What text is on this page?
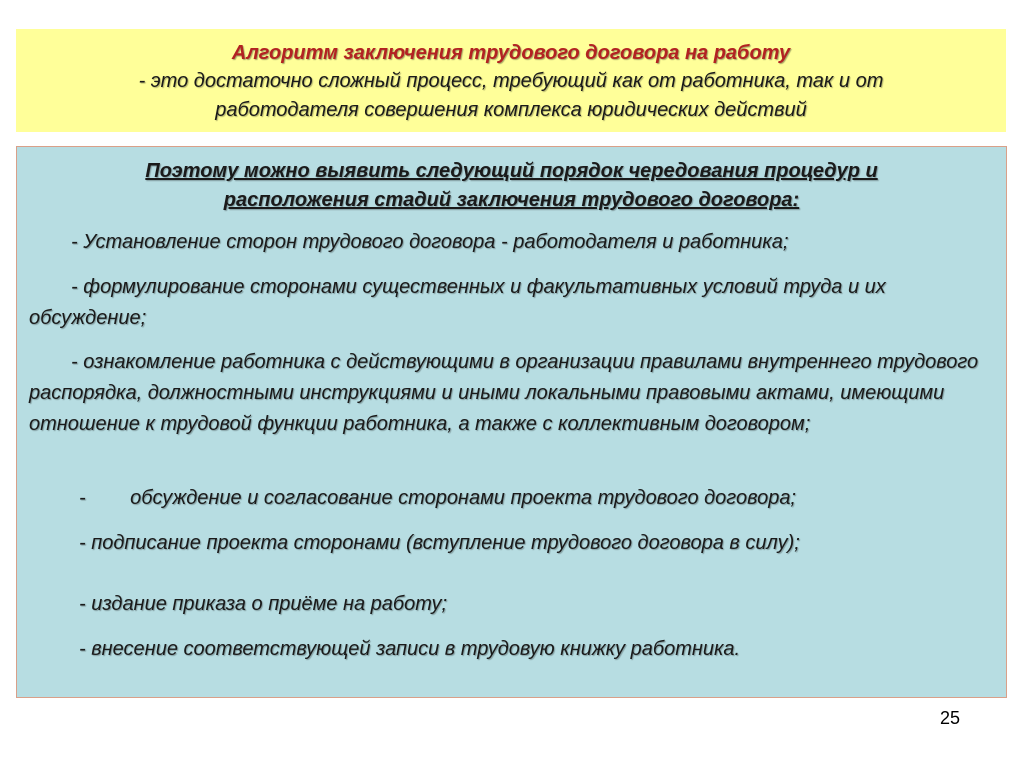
Алгоритм заключения трудового договора на работу
- это достаточно сложный процесс, требующий как от работника, так и от
работодателя совершения комплекса юридических действий
Поэтому можно выявить следующий порядок чередования процедур и
расположения стадий заключения трудового договора:
- Установление сторон трудового договора - работодателя и работника;
- формулирование сторонами существенных и факультативных условий труда и их обсуждение;
- ознакомление работника с действующими в организации правилами внутреннего трудового распорядка, должностными инструкциями и иными локальными правовыми актами, имеющими отношение к трудовой функции работника, а также с коллективным договором;
-        обсуждение и согласование сторонами проекта трудового договора;
- подписание проекта сторонами (вступление трудового договора в силу);
- издание приказа о приёме на работу;
- внесение соответствующей записи в трудовую книжку работника.
25
